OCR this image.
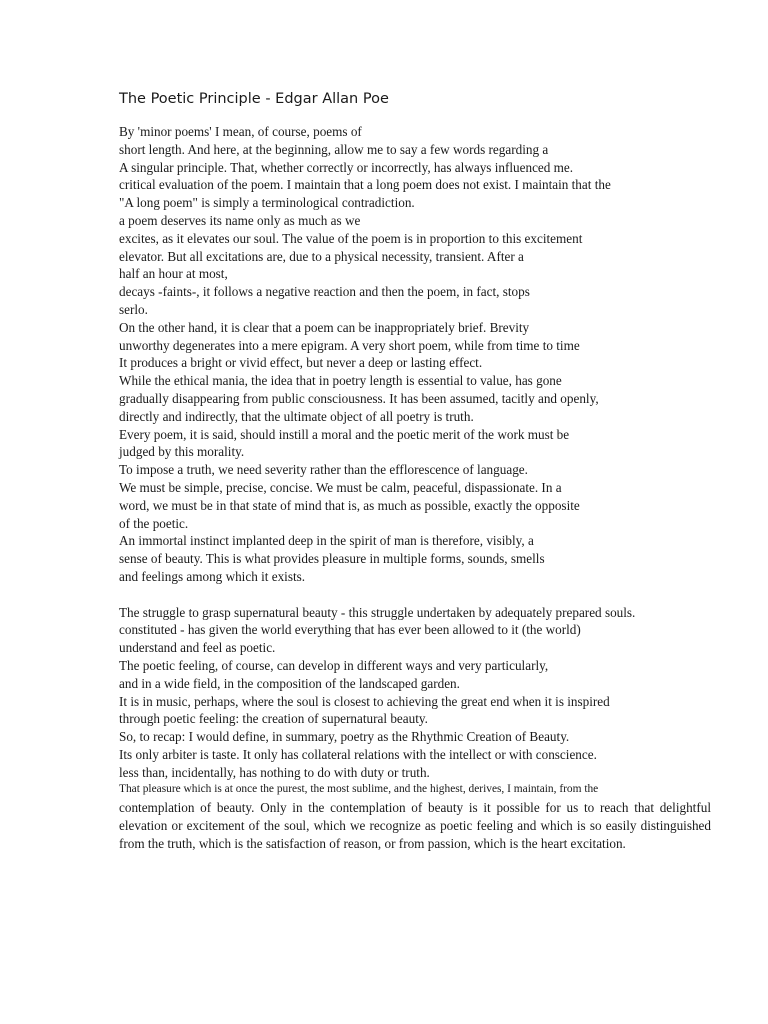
The Poetic Principle - Edgar Allan Poe
By 'minor poems' I mean, of course, poems of
short length. And here, at the beginning, allow me to say a few words regarding a
A singular principle. That, whether correctly or incorrectly, has always influenced me.
critical evaluation of the poem. I maintain that a long poem does not exist. I maintain that the
"A long poem" is simply a terminological contradiction.
a poem deserves its name only as much as we
excites, as it elevates our soul. The value of the poem is in proportion to this excitement
elevator. But all excitations are, due to a physical necessity, transient. After a
half an hour at most,
decays -faints-, it follows a negative reaction and then the poem, in fact, stops
serlo.
On the other hand, it is clear that a poem can be inappropriately brief. Brevity
unworthy degenerates into a mere epigram. A very short poem, while from time to time
It produces a bright or vivid effect, but never a deep or lasting effect.
While the ethical mania, the idea that in poetry length is essential to value, has gone
gradually disappearing from public consciousness. It has been assumed, tacitly and openly,
directly and indirectly, that the ultimate object of all poetry is truth.
Every poem, it is said, should instill a moral and the poetic merit of the work must be
judged by this morality.
To impose a truth, we need severity rather than the efflorescence of language.
We must be simple, precise, concise. We must be calm, peaceful, dispassionate. In a
word, we must be in that state of mind that is, as much as possible, exactly the opposite
of the poetic.
An immortal instinct implanted deep in the spirit of man is therefore, visibly, a
sense of beauty. This is what provides pleasure in multiple forms, sounds, smells
and feelings among which it exists.
The struggle to grasp supernatural beauty - this struggle undertaken by adequately prepared souls.
constituted - has given the world everything that has ever been allowed to it (the world)
understand and feel as poetic.
The poetic feeling, of course, can develop in different ways and very particularly,
and in a wide field, in the composition of the landscaped garden.
It is in music, perhaps, where the soul is closest to achieving the great end when it is inspired
through poetic feeling: the creation of supernatural beauty.
So, to recap: I would define, in summary, poetry as the Rhythmic Creation of Beauty.
Its only arbiter is taste. It only has collateral relations with the intellect or with conscience.
less than, incidentally, has nothing to do with duty or truth.
That pleasure which is at once the purest, the most sublime, and the highest, derives, I maintain, from the
contemplation of beauty. Only in the contemplation of beauty is it possible for us to reach that delightful elevation or excitement of the soul, which we recognize as poetic feeling and which is so easily distinguished from the truth, which is the satisfaction of reason, or from passion, which is the heart excitation.
